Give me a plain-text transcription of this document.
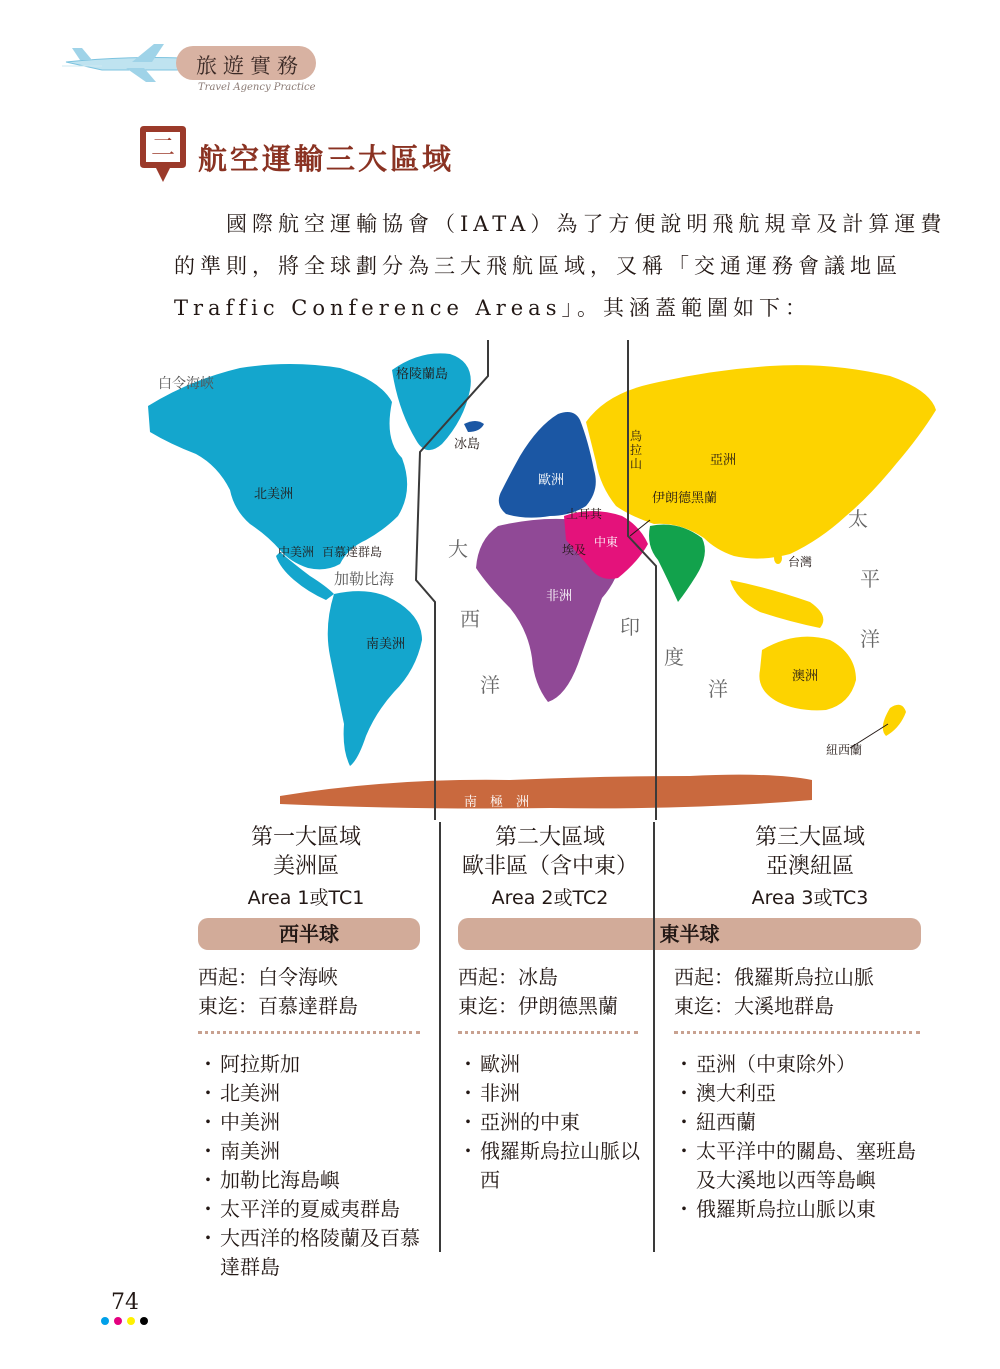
旅遊實務
Travel Agency Practice
二 航空運輸三大區域
國際航空運輸協會（IATA）為了方便說明飛航規章及計算運費的準則，將全球劃分為三大飛航區域，又稱「交通運務會議地區 Traffic Conference Areas」。其涵蓋範圍如下：
白令海峽
格陵蘭島
冰島
歐洲
亞洲
土耳其
伊朗德黑蘭
埃及
中東
北美洲
中美洲 百慕達群島
加勒比海
南美洲
非洲
台灣
澳洲
紐西蘭
南　極　洲
大
西
洋
印
度
洋
太
平
洋
烏
拉
山
第一大區域
美洲區
Area 1或TC1
第二大區域
歐非區（含中東）
Area 2或TC2
第三大區域
亞澳紐區
Area 3或TC3
西半球	東半球
西起：白令海峽
東迄：百慕達群島
西起：冰島
東迄：伊朗德黑蘭
西起：俄羅斯烏拉山脈
東迄：大溪地群島
・ 阿拉斯加
・ 北美洲
・ 中美洲
・ 南美洲
・ 加勒比海島嶼
・ 太平洋的夏威夷群島
・ 大西洋的格陵蘭及百慕達群島
・ 歐洲
・ 非洲
・ 亞洲的中東
・ 俄羅斯烏拉山脈以西
・ 亞洲（中東除外）
・ 澳大利亞
・ 紐西蘭
・ 太平洋中的關島、塞班島及大溪地以西等島嶼
・ 俄羅斯烏拉山脈以東
74
